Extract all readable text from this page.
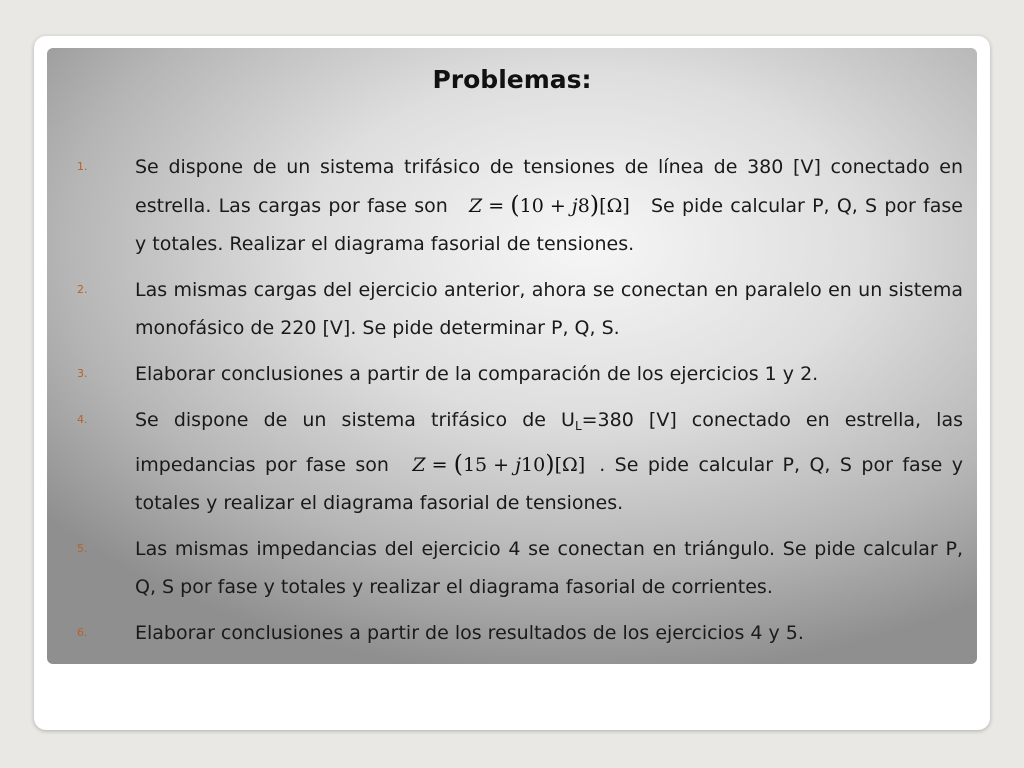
Problemas:
1.	Se dispone de un sistema trifásico de tensiones de línea de 380 [V] conectado en estrella. Las cargas por fase son Z = (10 + j8)[Ω] Se pide calcular P, Q, S por fase y totales. Realizar el diagrama fasorial de tensiones.
2.	Las mismas cargas del ejercicio anterior, ahora se conectan en paralelo en un sistema monofásico de 220 [V]. Se pide determinar P, Q, S.
3.	Elaborar conclusiones a partir de la comparación de los ejercicios 1 y 2.
4.	Se dispone de un sistema trifásico de $U_L=380$ [V] conectado en estrella, las impedancias por fase son Z = (15 + j10)[Ω] . Se pide calcular P, Q, S por fase y totales y realizar el diagrama fasorial de tensiones.
5.	Las mismas impedancias del ejercicio 4 se conectan en triángulo. Se pide calcular P, Q, S por fase y totales y realizar el diagrama fasorial de corrientes.
6.	Elaborar conclusiones a partir de los resultados de los ejercicios 4 y 5.
